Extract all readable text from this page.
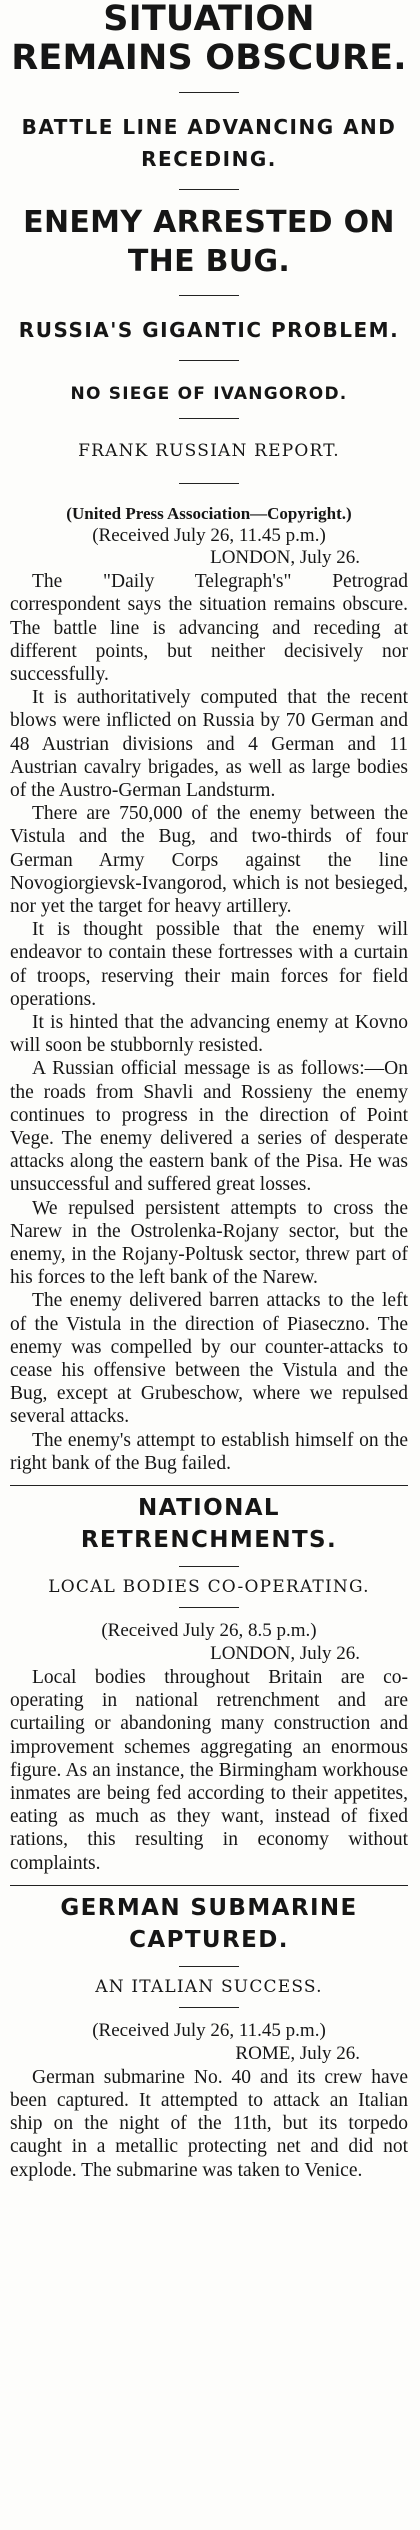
SITUATION REMAINS OBSCURE.
BATTLE LINE ADVANCING AND RECEDING.
ENEMY ARRESTED ON THE BUG.
RUSSIA'S GIGANTIC PROBLEM.
NO SIEGE OF IVANGOROD.

FRANK RUSSIAN REPORT.

(United Press Association—Copyright.)

(Received July 26, 11.45 p.m.)

LONDON, July 26.

The "Daily Telegraph's" Petrograd correspondent says the situation remains obscure. The battle line is advancing and receding at different points, but neither decisively nor successfully.

It is authoritatively computed that the recent blows were inflicted on Russia by 70 German and 48 Austrian divisions and 4 German and 11 Austrian cavalry brigades, as well as large bodies of the Austro-German Landsturm.

There are 750,000 of the enemy between the Vistula and the Bug, and two-thirds of four German Army Corps against the line Novogiorgievsk-Ivangorod, which is not besieged, nor yet the target for heavy artillery.

It is thought possible that the enemy will endeavor to contain these fortresses with a curtain of troops, reserving their main forces for field operations.

It is hinted that the advancing enemy at Kovno will soon be stubbornly resisted.

A Russian official message is as follows:—On the roads from Shavli and Rossieny the enemy continues to progress in the direction of Point Vege. The enemy delivered a series of desperate attacks along the eastern bank of the Pisa. He was unsuccessful and suffered great losses.

We repulsed persistent attempts to cross the Narew in the Ostrolenka-Rojany sector, but the enemy, in the Rojany-Poltusk sector, threw part of his forces to the left bank of the Narew.

The enemy delivered barren attacks to the left of the Vistula in the direction of Piaseczno. The enemy was compelled by our counter-attacks to cease his offensive between the Vistula and the Bug, except at Grubeschow, where we repulsed several attacks.

The enemy's attempt to establish himself on the right bank of the Bug failed.

NATIONAL RETRENCHMENTS.

LOCAL BODIES CO-OPERATING.

(Received July 26, 8.5 p.m.)

LONDON, July 26.

Local bodies throughout Britain are co-operating in national retrenchment and are curtailing or abandoning many construction and improvement schemes aggregating an enormous figure. As an instance, the Birmingham workhouse inmates are being fed according to their appetites, eating as much as they want, instead of fixed rations, this resulting in economy without complaints.

GERMAN SUBMARINE CAPTURED.

AN ITALIAN SUCCESS.

(Received July 26, 11.45 p.m.)

ROME, July 26.

German submarine No. 40 and its crew have been captured. It attempted to attack an Italian ship on the night of the 11th, but its torpedo caught in a metallic protecting net and did not explode. The submarine was taken to Venice.
